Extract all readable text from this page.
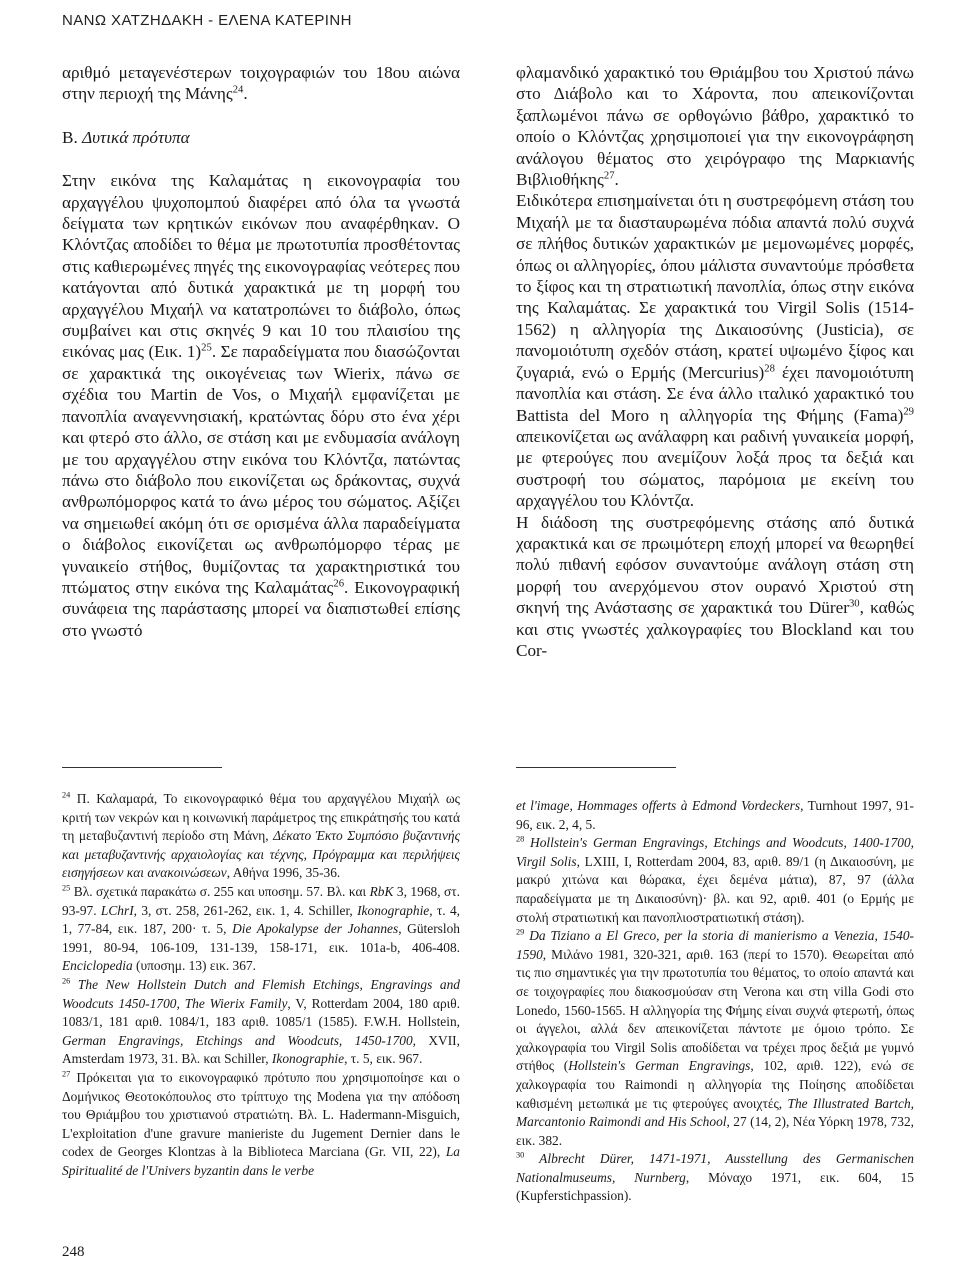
ΝΑΝΩ ΧΑΤΖΗΔΑΚΗ - ΕΛΕΝΑ ΚΑΤΕΡΙΝΗ

αριθμό μεταγενέστερων τοιχογραφιών του 18ου αιώνα στην περιοχή της Μάνης$^{24}$.

Β. Δυτικά πρότυπα

Στην εικόνα της Καλαμάτας η εικονογραφία του αρχαγγέλου ψυχοπομπού διαφέρει από όλα τα γνωστά δείγματα των κρητικών εικόνων που αναφέρθηκαν. Ο Κλόντζας αποδίδει το θέμα με πρωτοτυπία προσθέτοντας στις καθιερωμένες πηγές της εικονογραφίας νεότερες που κατάγονται από δυτικά χαρακτικά με τη μορφή του αρχαγγέλου Μιχαήλ να κατατροπώνει το διάβολο, όπως συμβαίνει και στις σκηνές 9 και 10 του πλαισίου της εικόνας μας (Εικ. 1)$^{25}$. Σε παραδείγματα που διασώζονται σε χαρακτικά της οικογένειας των Wierix, πάνω σε σχέδια του Martin de Vos, ο Μιχαήλ εμφανίζεται με πανοπλία αναγεννησιακή, κρατώντας δόρυ στο ένα χέρι και φτερό στο άλλο, σε στάση και με ενδυμασία ανάλογη με του αρχαγγέλου στην εικόνα του Κλόντζα, πατώντας πάνω στο διάβολο που εικονίζεται ως δράκοντας, συχνά ανθρωπόμορφος κατά το άνω μέρος του σώματος. Αξίζει να σημειωθεί ακόμη ότι σε ορισμένα άλλα παραδείγματα ο διάβολος εικονίζεται ως ανθρωπόμορφο τέρας με γυναικείο στήθος, θυμίζοντας τα χαρακτηριστικά του πτώματος στην εικόνα της Καλαμάτας$^{26}$. Εικονογραφική συνάφεια της παράστασης μπορεί να διαπιστωθεί επίσης στο γνωστό

φλαμανδικό χαρακτικό του Θριάμβου του Χριστού πάνω στο Διάβολο και το Χάροντα, που απεικονίζονται ξαπλωμένοι πάνω σε ορθογώνιο βάθρο, χαρακτικό το οποίο ο Κλόντζας χρησιμοποιεί για την εικονογράφηση ανάλογου θέματος στο χειρόγραφο της Μαρκιανής Βιβλιοθήκης$^{27}$.

Ειδικότερα επισημαίνεται ότι η συστρεφόμενη στάση του Μιχαήλ με τα διασταυρωμένα πόδια απαντά πολύ συχνά σε πλήθος δυτικών χαρακτικών με μεμονωμένες μορφές, όπως οι αλληγορίες, όπου μάλιστα συναντούμε πρόσθετα το ξίφος και τη στρατιωτική πανοπλία, όπως στην εικόνα της Καλαμάτας. Σε χαρακτικά του Virgil Solis (1514-1562) η αλληγορία της Δικαιοσύνης (Justicia), σε πανομοιότυπη σχεδόν στάση, κρατεί υψωμένο ξίφος και ζυγαριά, ενώ ο Ερμής (Mercurius)$^{28}$ έχει πανομοιότυπη πανοπλία και στάση. Σε ένα άλλο ιταλικό χαρακτικό του Battista del Moro η αλληγορία της Φήμης (Fama)$^{29}$ απεικονίζεται ως ανάλαφρη και ραδινή γυναικεία μορφή, με φτερούγες που ανεμίζουν λοξά προς τα δεξιά και συστροφή του σώματος, παρόμοια με εκείνη του αρχαγγέλου του Κλόντζα.

Η διάδοση της συστρεφόμενης στάσης από δυτικά χαρακτικά και σε πρωιμότερη εποχή μπορεί να θεωρηθεί πολύ πιθανή εφόσον συναντούμε ανάλογη στάση στη μορφή του ανερχόμενου στον ουρανό Χριστού στη σκηνή της Ανάστασης σε χαρακτικά του Dürer$^{30}$, καθώς και στις γνωστές χαλκογραφίες του Blockland και του Cor-

$^{24}$ Π. Καλαμαρά, Το εικονογραφικό θέμα του αρχαγγέλου Μιχαήλ ως κριτή των νεκρών και η κοινωνική παράμετρος της επικράτησής του κατά τη μεταβυζαντινή περίοδο στη Μάνη, Δέκατο Έκτο Συμπόσιο βυζαντινής και μεταβυζαντινής αρχαιολογίας και τέχνης, Πρόγραμμα και περιλήψεις εισηγήσεων και ανακοινώσεων, Αθήνα 1996, 35-36.

$^{25}$ Βλ. σχετικά παρακάτω σ. 255 και υποσημ. 57. Βλ. και RbK 3, 1968, στ. 93-97. LChrI, 3, στ. 258, 261-262, εικ. 1, 4. Schiller, Ikonographie, τ. 4, 1, 77-84, εικ. 187, 200· τ. 5, Die Apokalypse der Johannes, Gütersloh 1991, 80-94, 106-109, 131-139, 158-171, εικ. 101a-b, 406-408. Enciclopedia (υποσημ. 13) εικ. 367.

$^{26}$ The New Hollstein Dutch and Flemish Etchings, Engravings and Woodcuts 1450-1700, The Wierix Family, V, Rotterdam 2004, 180 αριθ. 1083/1, 181 αριθ. 1084/1, 183 αριθ. 1085/1 (1585). F.W.H. Hollstein, German Engravings, Etchings and Woodcuts, 1450-1700, XVII, Amsterdam 1973, 31. Βλ. και Schiller, Ikonographie, τ. 5, εικ. 967.

$^{27}$ Πρόκειται για το εικονογραφικό πρότυπο που χρησιμοποίησε και ο Δομήνικος Θεοτοκόπουλος στο τρίπτυχο της Modena για την απόδοση του Θριάμβου του χριστιανού στρατιώτη. Βλ. L. Hadermann-Misguich, L'exploitation d'une gravure manieriste du Jugement Dernier dans le codex de Georges Klontzas à la Biblioteca Marciana (Gr. VII, 22), La Spiritualité de l'Univers byzantin dans le verbe

et l'image, Hommages offerts à Edmond Vordeckers, Turnhout 1997, 91-96, εικ. 2, 4, 5.

$^{28}$ Hollstein's German Engravings, Etchings and Woodcuts, 1400-1700, Virgil Solis, LXIII, I, Rotterdam 2004, 83, αριθ. 89/1 (η Δικαιοσύνη, με μακρύ χιτώνα και θώρακα, έχει δεμένα μάτια), 87, 97 (άλλα παραδείγματα με τη Δικαιοσύνη)· βλ. και 92, αριθ. 401 (ο Ερμής με στολή στρατιωτική και πανοπλιοστρατιωτική στάση).

$^{29}$ Da Tiziano a El Greco, per la storia di manierismo a Venezia, 1540-1590, Μιλάνο 1981, 320-321, αριθ. 163 (περί το 1570). Θεωρείται από τις πιο σημαντικές για την πρωτοτυπία του θέματος, το οποίο απαντά και σε τοιχογραφίες που διακοσμούσαν στη Verona και στη villa Godi στο Lonedo, 1560-1565. Η αλληγορία της Φήμης είναι συχνά φτερωτή, όπως οι άγγελοι, αλλά δεν απεικονίζεται πάντοτε με όμοιο τρόπο. Σε χαλκογραφία του Virgil Solis αποδίδεται να τρέχει προς δεξιά με γυμνό στήθος (Hollstein's German Engravings, 102, αριθ. 122), ενώ σε χαλκογραφία του Raimondi η αλληγορία της Ποίησης αποδίδεται καθισμένη μετωπικά με τις φτερούγες ανοιχτές, The Illustrated Bartch, Marcantonio Raimondi and His School, 27 (14, 2), Νέα Υόρκη 1978, 732, εικ. 382.

$^{30}$ Albrecht Dürer, 1471-1971, Ausstellung des Germanischen Nationalmuseums, Nurnberg, Μόναχο 1971, εικ. 604, 15 (Kupferstichpassion).

248
